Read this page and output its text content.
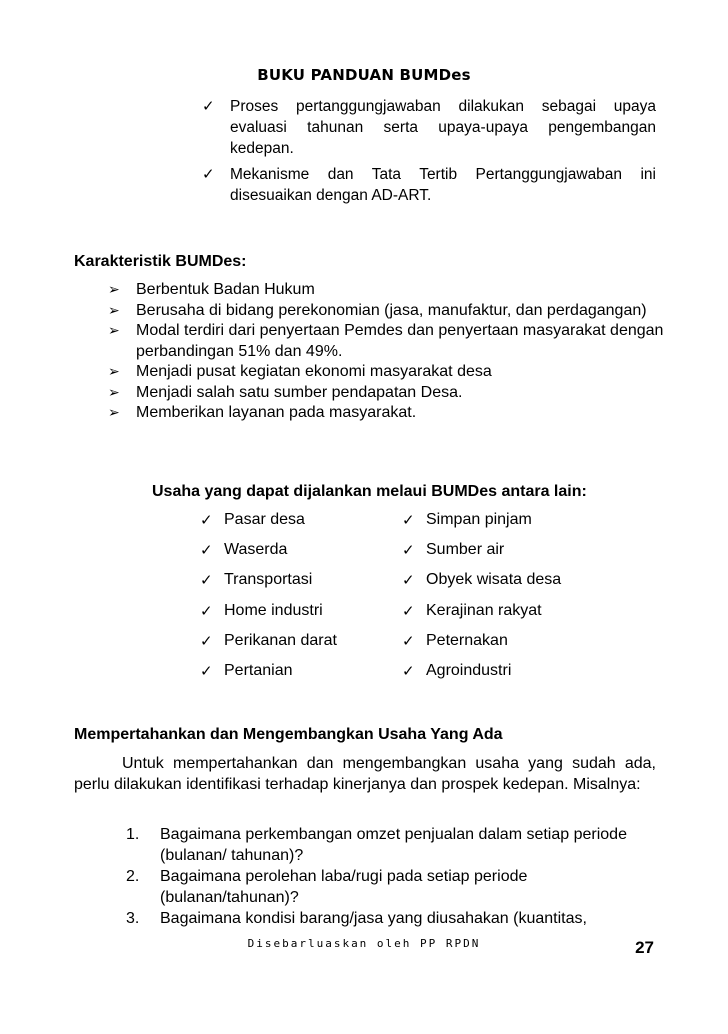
BUKU PANDUAN BUMDes
✓ Proses pertanggungjawaban dilakukan sebagai upaya evaluasi tahunan serta upaya-upaya pengembangan kedepan.
✓ Mekanisme dan Tata Tertib Pertanggungjawaban ini disesuaikan dengan AD-ART.
Karakteristik BUMDes:
➢ Berbentuk Badan Hukum
➢ Berusaha di bidang perekonomian (jasa, manufaktur, dan perdagangan)
➢ Modal terdiri dari penyertaan Pemdes dan penyertaan masyarakat dengan perbandingan 51% dan 49%.
➢ Menjadi pusat kegiatan ekonomi masyarakat desa
➢ Menjadi salah satu sumber pendapatan Desa.
➢ Memberikan layanan pada masyarakat.
Usaha yang dapat dijalankan melaui BUMDes antara lain:
✓ Pasar desa	✓ Simpan pinjam
✓ Waserda	✓ Sumber air
✓ Transportasi	✓ Obyek wisata desa
✓ Home industri	✓ Kerajinan rakyat
✓ Perikanan darat	✓ Peternakan
✓ Pertanian	✓ Agroindustri
Mempertahankan dan Mengembangkan Usaha Yang Ada
Untuk mempertahankan dan mengembangkan usaha yang sudah ada, perlu dilakukan identifikasi terhadap kinerjanya dan prospek kedepan. Misalnya:
1. Bagaimana perkembangan omzet penjualan dalam setiap periode (bulanan/ tahunan)?
2. Bagaimana perolehan laba/rugi pada setiap periode (bulanan/tahunan)?
3. Bagaimana kondisi barang/jasa yang diusahakan (kuantitas,
Disebarluaskan oleh PP RPDN	27
